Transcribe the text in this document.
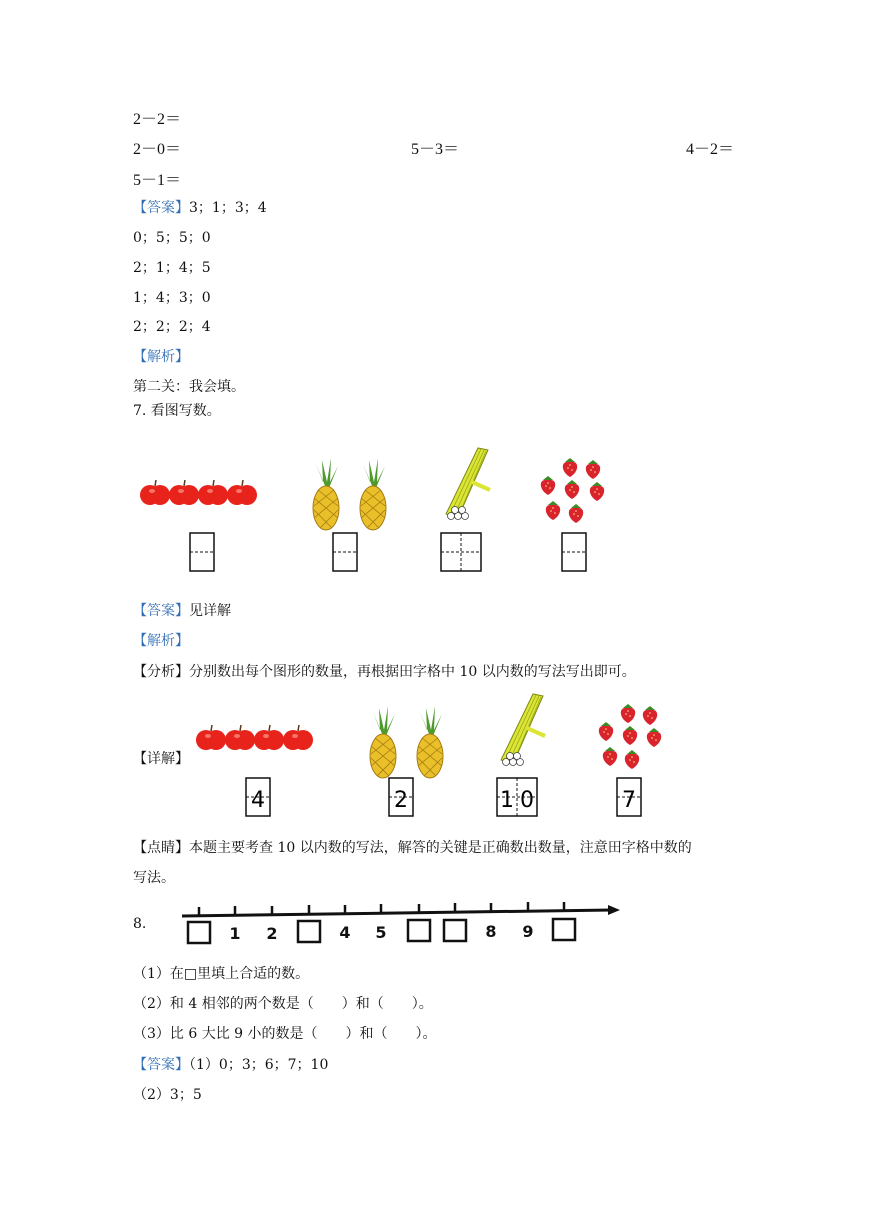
2－2＝
2－0＝	5－3＝	4－2＝
5－1＝
【答案】3；1；3；4
0；5；5；0
2；1；4；5
1；4；3；0
2；2；2；4
【解析】
第二关：我会填。
7. 看图写数。
【答案】见详解
【解析】
【分析】分别数出每个图形的数量，再根据田字格中 10 以内数的写法写出即可。
【详解】
4	2	1 0	7
【点睛】本题主要考查 10 以内数的写法，解答的关键是正确数出数量，注意田字格中数的
写法。
8.	1 2	4 5	8 9
（1）在□里填上合适的数。
（2）和 4 相邻的两个数是（　　）和（　　）。
（3）比 6 大比 9 小的数是（　　）和（　　）。
【答案】（1）0；3；6；7；10
（2）3；5
